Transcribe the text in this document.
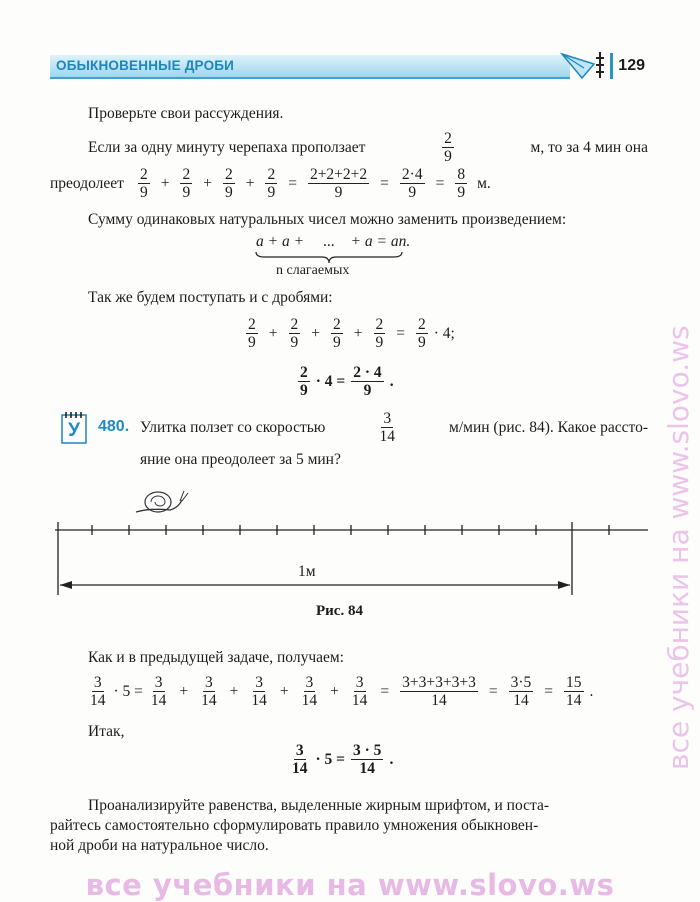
ОБЫКНОВЕННЫЕ ДРОБИ	129
Проверьте свои рассуждения.
Если за одну минуту черепаха проползает	$\frac{2}{9}$	м, то за 4 мин она
преодолеет $\frac{2}{9} + \frac{2}{9} + \frac{2}{9} + \frac{2}{9} = \frac{2+2+2+2}{9} = \frac{2\cdot 4}{9} = \frac{8}{9} м$.
Сумму одинаковых натуральных чисел можно заменить произведением:
a + a +     ...    + a = an.
n слагаемых
Так же будем поступать и с дробями:
$\frac{2}{9} + \frac{2}{9} + \frac{2}{9} + \frac{2}{9} = \frac{2}{9} \cdot 4$;
$\frac{2}{9} \cdot 4 = \frac{2 \cdot 4}{9}$ .
У	480. Улитка ползет со скоростью	$\frac{3}{14}$	м/мин (рис. 84). Какое рассто-
яние она преодолеет за 5 мин?
1м
Рис. 84
Как и в предыдущей задаче, получаем:
$\frac{3}{14} \cdot 5 = \frac{3}{14} + \frac{3}{14} + \frac{3}{14} + \frac{3}{14} + \frac{3}{14} = \frac{3+3+3+3+3}{14} = \frac{3\cdot 5}{14} = \frac{15}{14}$ .
Итак,
$\frac{3}{14} \cdot 5 = \frac{3 \cdot 5}{14}$ .
Проанализируйте равенства, выделенные жирным шрифтом, и поста-
райтесь самостоятельно сформулировать правило умножения обыкновен-
ной дроби на натуральное число.
все учебники на www.slovo.ws
все учебники на www.slovo.ws
